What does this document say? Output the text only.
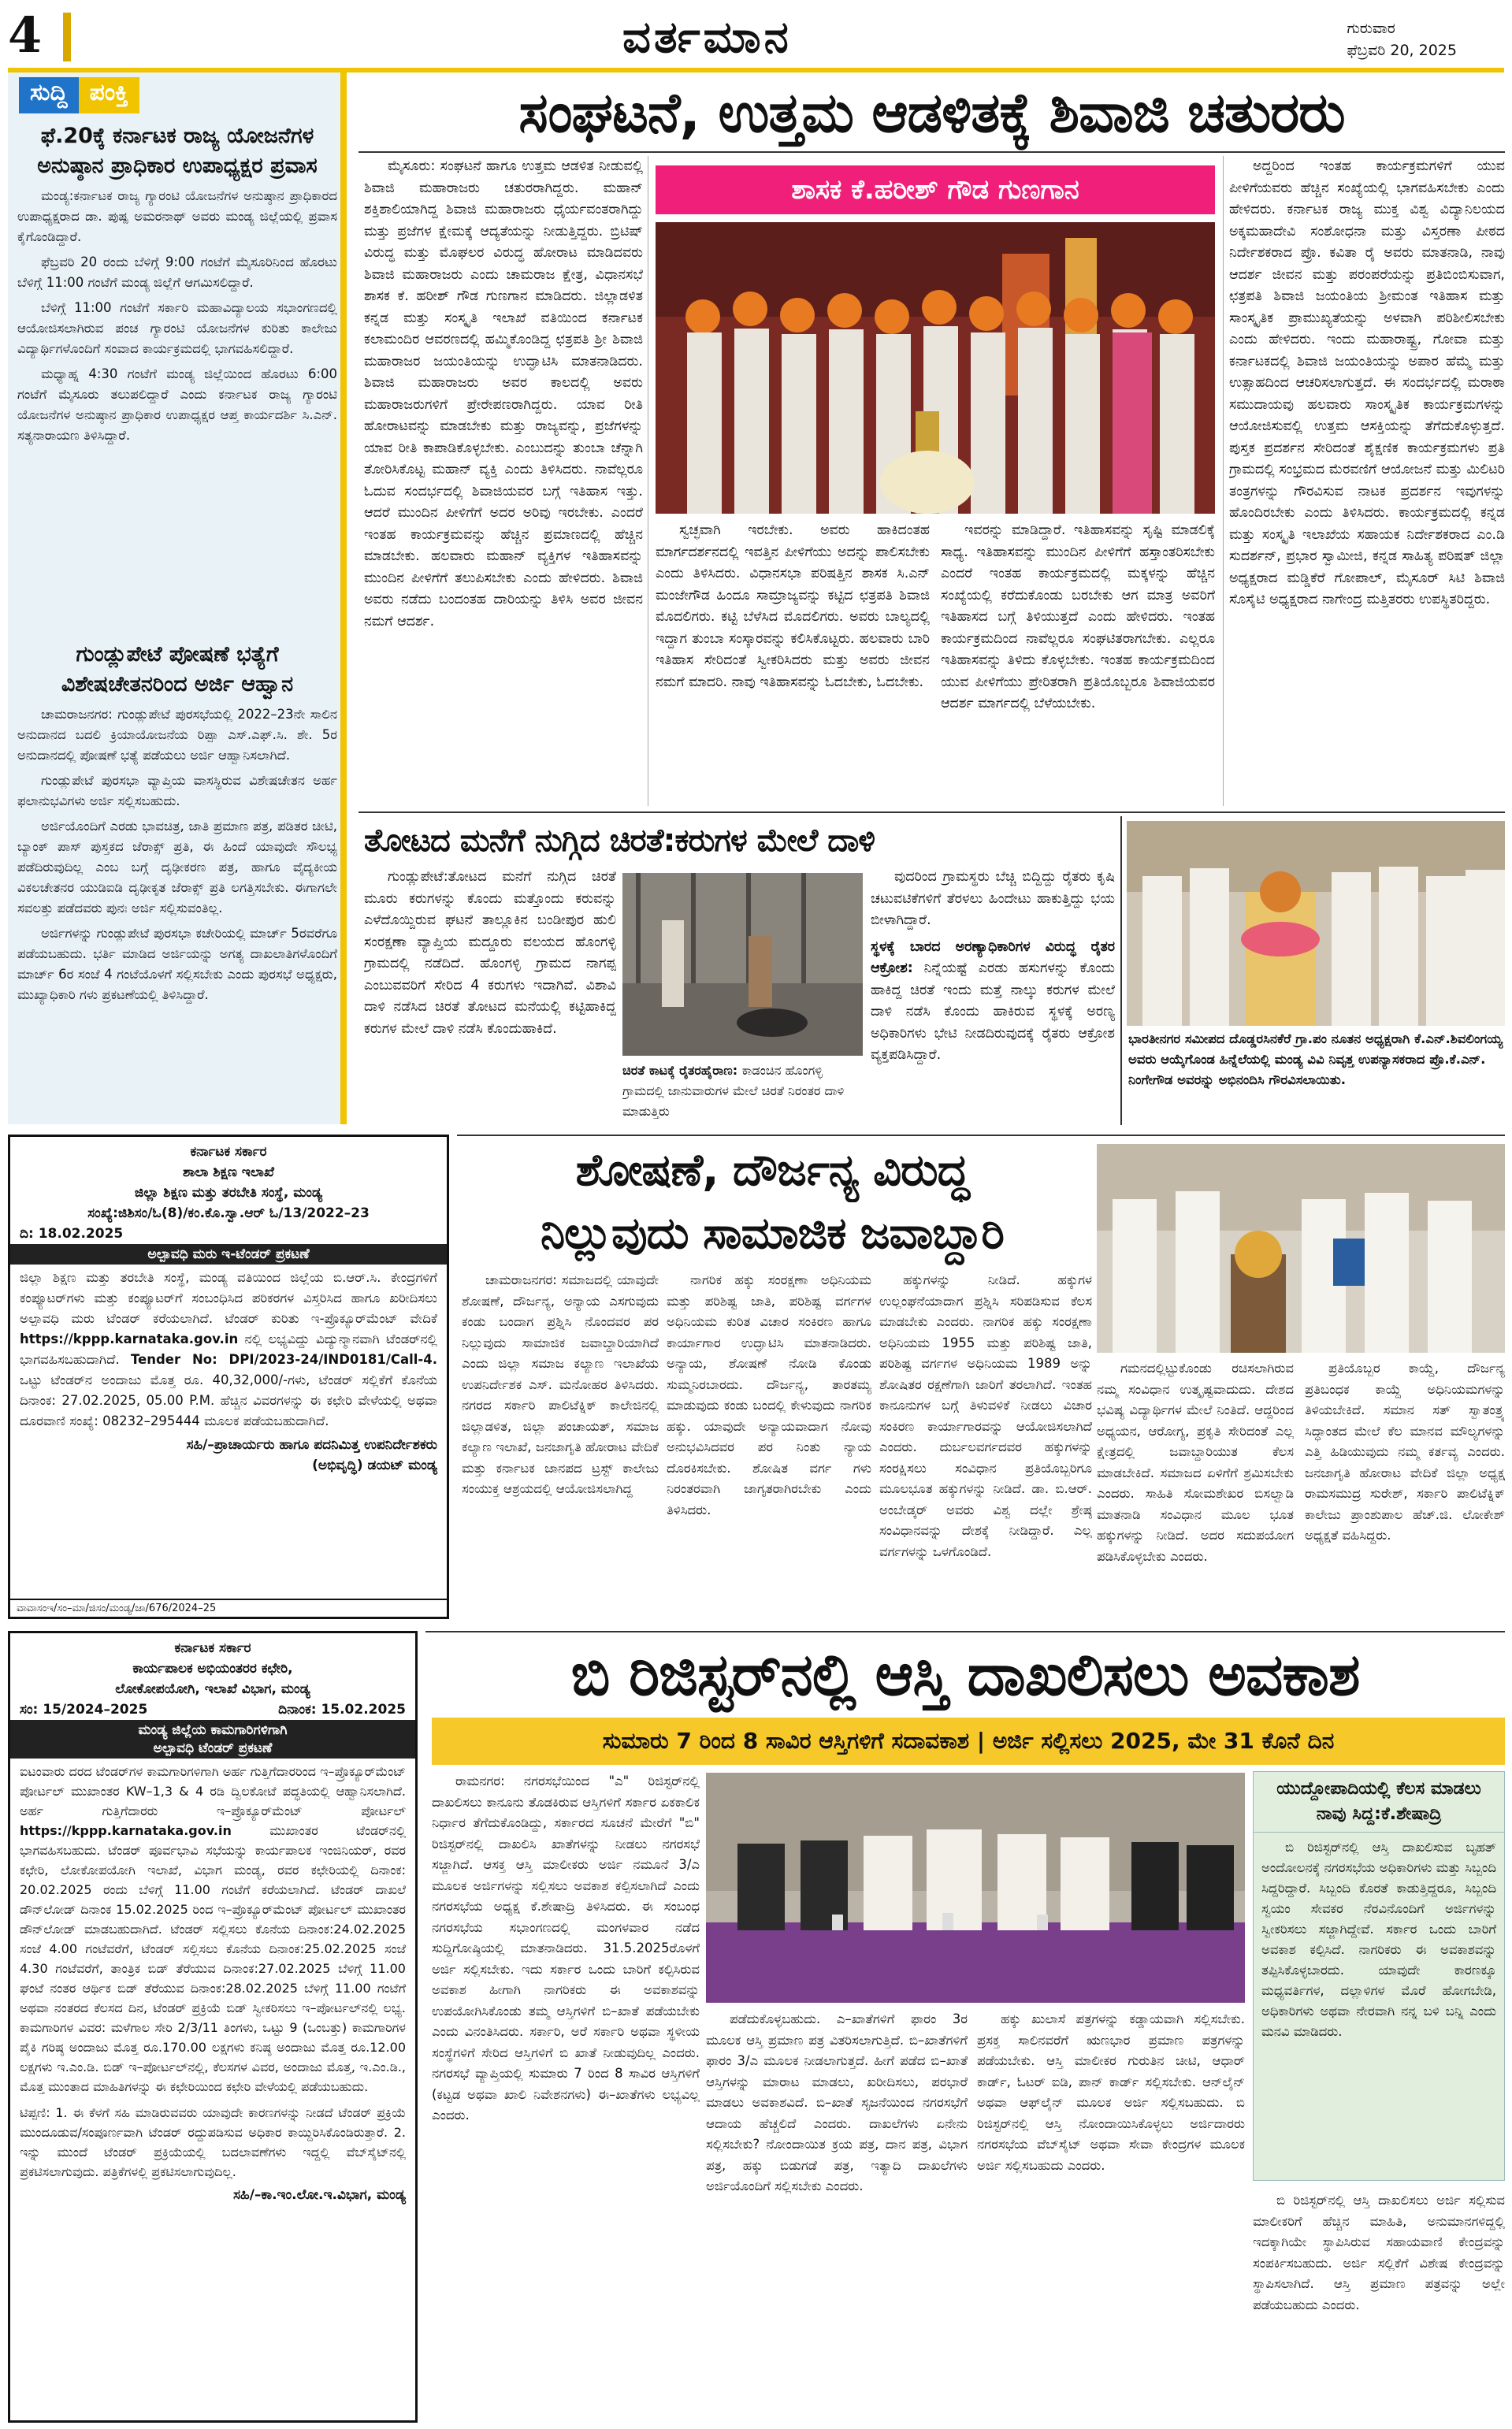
4	ವರ್ತಮಾನ	ಗುರುವಾರ
ಫೆಬ್ರವರಿ 20, 2025
ಸುದ್ದಿ ಪಂಕ್ತಿ
ಫೆ.20ಕ್ಕೆ ಕರ್ನಾಟಕ ರಾಜ್ಯ ಯೋಜನೆಗಳ ಅನುಷ್ಠಾನ ಪ್ರಾಧಿಕಾರ ಉಪಾಧ್ಯಕ್ಷರ ಪ್ರವಾಸ

ಮಂಡ್ಯ:ಕರ್ನಾಟಕ ರಾಜ್ಯ ಗ್ಯಾರಂಟಿ ಯೋಜನೆಗಳ ಅನುಷ್ಠಾನ ಪ್ರಾಧಿಕಾರದ ಉಪಾಧ್ಯಕ್ಷರಾದ ಡಾ. ಪುಷ್ಪ ಅಮರನಾಥ್ ಅವರು ಮಂಡ್ಯ ಜಿಲ್ಲೆಯಲ್ಲಿ ಪ್ರವಾಸ ಕೈಗೊಂಡಿದ್ದಾರೆ.

ಫೆಬ್ರವರಿ 20 ರಂದು ಬೆಳಿಗ್ಗೆ 9:00 ಗಂಟೆಗೆ ಮೈಸೂರಿನಿಂದ ಹೊರಟು ಬೆಳಿಗ್ಗೆ 11:00 ಗಂಟೆಗೆ ಮಂಡ್ಯ ಜಿಲ್ಲೆಗೆ ಆಗಮಿಸಲಿದ್ದಾರೆ.

ಬೆಳಿಗ್ಗೆ 11:00 ಗಂಟೆಗೆ ಸರ್ಕಾರಿ ಮಹಾವಿದ್ಯಾಲಯ ಸಭಾಂಗಣದಲ್ಲಿ ಆಯೋಜಿಸಲಾಗಿರುವ ಪಂಚ ಗ್ಯಾರಂಟಿ ಯೋಜನೆಗಳ ಕುರಿತು ಕಾಲೇಜು ವಿದ್ಯಾರ್ಥಿಗಳೊಂದಿಗೆ ಸಂವಾದ ಕಾರ್ಯಕ್ರಮದಲ್ಲಿ ಭಾಗವಹಿಸಲಿದ್ದಾರೆ.

ಮಧ್ಯಾಹ್ನ 4:30 ಗಂಟೆಗೆ ಮಂಡ್ಯ ಜಿಲ್ಲೆಯಿಂದ ಹೊರಟು 6:00 ಗಂಟೆಗೆ ಮೈಸೂರು ತಲುಪಲಿದ್ದಾರೆ ಎಂದು ಕರ್ನಾಟಕ ರಾಜ್ಯ ಗ್ಯಾರಂಟಿ ಯೋಜನೆಗಳ ಅನುಷ್ಠಾನ ಪ್ರಾಧಿಕಾರ ಉಪಾಧ್ಯಕ್ಷರ ಆಪ್ತ ಕಾರ್ಯದರ್ಶಿ ಸಿ.ಎನ್. ಸತ್ಯನಾರಾಯಣ ತಿಳಿಸಿದ್ದಾರೆ.

ಗುಂಡ್ಲುಪೇಟೆ ಪೋಷಣೆ ಭತ್ಯೆಗೆ ವಿಶೇಷಚೇತನರಿಂದ ಅರ್ಜಿ ಆಹ್ವಾನ

ಚಾಮರಾಜನಗರ: ಗುಂಡ್ಲುಪೇಟೆ ಪುರಸಭೆಯಲ್ಲಿ 2022–23ನೇ ಸಾಲಿನ ಅನುದಾನದ ಬದಲಿ ಕ್ರಿಯಾಯೋಜನೆಯ ರಿಪ್ಪಾ ಎಸ್.ಎಫ್.ಸಿ. ಶೇ. 5ರ ಅನುದಾನದಲ್ಲಿ ಪೋಷಣೆ ಭತ್ಯೆ ಪಡೆಯಲು ಅರ್ಜಿ ಆಹ್ವಾನಿಸಲಾಗಿದೆ.

ಗುಂಡ್ಲುಪೇಟೆ ಪುರಸಭಾ ವ್ಯಾಪ್ತಿಯ ವಾಸಸ್ಥಿರುವ ವಿಶೇಷಚೇತನ ಅರ್ಹ ಫಲಾನುಭವಿಗಳು ಅರ್ಜಿ ಸಲ್ಲಿಸಬಹುದು.

ಅರ್ಜಿಯೊಂದಿಗೆ ಎರಡು ಭಾವಚಿತ್ರ, ಜಾತಿ ಪ್ರಮಾಣ ಪತ್ರ, ಪಡಿತರ ಚೀಟಿ, ಬ್ಯಾಂಕ್ ಪಾಸ್ ಪುಸ್ತಕದ ಜೆರಾಕ್ಸ್ ಪ್ರತಿ, ಈ ಹಿಂದೆ ಯಾವುದೇ ಸೌಲಭ್ಯ ಪಡೆದಿರುವುದಿಲ್ಲ ಎಂಬ ಬಗ್ಗೆ ದೃಢೀಕರಣ ಪತ್ರ, ಹಾಗೂ ವೈದ್ಯಕೀಯ ವಿಕಲಚೇತನರ ಯುಡಿಐಡಿ ದೃಢೀಕೃತ ಜೆರಾಕ್ಸ್ ಪ್ರತಿ ಲಗತ್ತಿಸಬೇಕು. ಈಗಾಗಲೇ ಸವಲತ್ತು ಪಡೆದವರು ಪುನಃ ಅರ್ಜಿ ಸಲ್ಲಿಸುವಂತಿಲ್ಲ.

ಅರ್ಜಿಗಳನ್ನು ಗುಂಡ್ಲುಪೇಟೆ ಪುರಸಭಾ ಕಚೇರಿಯಲ್ಲಿ ಮಾರ್ಚ್ 5ರವರೆಗೂ ಪಡೆಯಬಹುದು. ಭರ್ತಿ ಮಾಡಿದ ಅರ್ಜಿಯನ್ನು ಅಗತ್ಯ ದಾಖಲಾತಿಗಳೊಂದಿಗೆ ಮಾರ್ಚ್ 6ರ ಸಂಜೆ 4 ಗಂಟೆಯೊಳಗೆ ಸಲ್ಲಿಸಬೇಕು ಎಂದು ಪುರಸಭೆ ಅಧ್ಯಕ್ಷರು, ಮುಖ್ಯಾಧಿಕಾರಿ ಗಳು ಪ್ರಕಟಣೆಯಲ್ಲಿ ತಿಳಿಸಿದ್ದಾರೆ.

ಸಂಘಟನೆ, ಉತ್ತಮ ಆಡಳಿತಕ್ಕೆ ಶಿವಾಜಿ ಚತುರರು

ಮೈಸೂರು: ಸಂಘಟನೆ ಹಾಗೂ ಉತ್ತಮ ಆಡಳಿತ ನೀಡುವಲ್ಲಿ ಶಿವಾಜಿ ಮಹಾರಾಜರು ಚತುರರಾಗಿದ್ದರು. ಮಹಾನ್ ಶಕ್ತಿಶಾಲಿಯಾಗಿದ್ದ ಶಿವಾಜಿ ಮಹಾರಾಜರು ಧೈರ್ಯವಂತರಾಗಿದ್ದು ಮತ್ತು ಪ್ರಜೆಗಳ ಕ್ಷೇಮಕ್ಕೆ ಆದ್ಯತೆಯನ್ನು ನೀಡುತ್ತಿದ್ದರು. ಬ್ರಿಟಿಷ್ ವಿರುದ್ಧ ಮತ್ತು ಮೊಘಲರ ವಿರುದ್ಧ ಹೋರಾಟ ಮಾಡಿದವರು ಶಿವಾಜಿ ಮಹಾರಾಜರು ಎಂದು ಚಾಮರಾಜ ಕ್ಷೇತ್ರ, ವಿಧಾನಸಭೆ ಶಾಸಕ ಕೆ. ಹರೀಶ್ ಗೌಡ ಗುಣಗಾನ ಮಾಡಿದರು. ಜಿಲ್ಲಾಡಳಿತ ಕನ್ನಡ ಮತ್ತು ಸಂಸ್ಕೃತಿ ಇಲಾಖೆ ವತಿಯಿಂದ ಕರ್ನಾಟಕ ಕಲಾಮಂದಿರ ಆವರಣದಲ್ಲಿ ಹಮ್ಮಿಕೊಂಡಿದ್ದ ಛತ್ರಪತಿ ಶ್ರೀ ಶಿವಾಜಿ ಮಹಾರಾಜರ ಜಯಂತಿಯನ್ನು ಉದ್ಘಾಟಿಸಿ ಮಾತನಾಡಿದರು. ಶಿವಾಜಿ ಮಹಾರಾಜರು ಅವರ ಕಾಲದಲ್ಲಿ ಅವರು ಮಹಾರಾಜರುಗಳಿಗೆ ಪ್ರೇರೇಪಣರಾಗಿದ್ದರು. ಯಾವ ರೀತಿ ಹೋರಾಟವನ್ನು ಮಾಡಬೇಕು ಮತ್ತು ರಾಜ್ಯವನ್ನು, ಪ್ರಜೆಗಳನ್ನು ಯಾವ ರೀತಿ ಕಾಪಾಡಿಕೊಳ್ಳಬೇಕು. ಎಂಬುದನ್ನು ತುಂಬಾ ಚೆನ್ನಾಗಿ ತೋರಿಸಿಕೊಟ್ಟ ಮಹಾನ್ ವ್ಯಕ್ತಿ ಎಂದು ತಿಳಿಸಿದರು. ನಾವೆಲ್ಲರೂ ಓದುವ ಸಂದರ್ಭದಲ್ಲಿ ಶಿವಾಜಿಯವರ ಬಗ್ಗೆ ಇತಿಹಾಸ ಇತ್ತು. ಆದರೆ ಮುಂದಿನ ಪೀಳಿಗೆಗೆ ಅದರ ಅರಿವು ಇರಬೇಕು. ಎಂದರೆ ಇಂತಹ ಕಾರ್ಯಕ್ರಮವನ್ನು ಹೆಚ್ಚಿನ ಪ್ರಮಾಣದಲ್ಲಿ ಹೆಚ್ಚಿನ ಮಾಡಬೇಕು. ಹಲವಾರು ಮಹಾನ್ ವ್ಯಕ್ತಿಗಳ ಇತಿಹಾಸವನ್ನು ಮುಂದಿನ ಪೀಳಿಗೆಗೆ ತಲುಪಿಸಬೇಕು ಎಂದು ಹೇಳಿದರು. ಶಿವಾಜಿ ಅವರು ನಡೆದು ಬಂದಂತಹ ದಾರಿಯನ್ನು ತಿಳಿಸಿ ಅವರ ಜೀವನ ನಮಗೆ ಆದರ್ಶ.

ಶಾಸಕ ಕೆ.ಹರೀಶ್ ಗೌಡ ಗುಣಗಾನ

ಸ್ವಚ್ಛವಾಗಿ ಇರಬೇಕು. ಅವರು ಹಾಕಿದಂತಹ ಮಾರ್ಗದರ್ಶನದಲ್ಲಿ ಇವತ್ತಿನ ಪೀಳಿಗೆಯು ಅದನ್ನು ಪಾಲಿಸಬೇಕು ಎಂದು ತಿಳಿಸಿದರು. ವಿಧಾನಸಭಾ ಪರಿಷತ್ತಿನ ಶಾಸಕ ಸಿ.ಎನ್ ಮಂಜೇಗೌಡ ಹಿಂದೂ ಸಾಮ್ರಾಜ್ಯವನ್ನು ಕಟ್ಟಿದ ಛತ್ರಪತಿ ಶಿವಾಜಿ ಮೊದಲಿಗರು. ಕಟ್ಟಿ ಬೆಳೆಸಿದ ಮೊದಲಿಗರು. ಅವರು ಬಾಲ್ಯದಲ್ಲಿ ಇದ್ದಾಗ ತುಂಬಾ ಸಂಸ್ಕಾರವನ್ನು ಕಲಿಸಿಕೊಟ್ಟರು. ಹಲವಾರು ಬಾರಿ ಇತಿಹಾಸ ಸೇರಿದಂತೆ ಸ್ವೀಕರಿಸಿದರು ಮತ್ತು ಅವರು ಜೀವನ ನಮಗೆ ಮಾದರಿ. ನಾವು ಇತಿಹಾಸವನ್ನು ಓದಬೇಕು, ಓದಬೇಕು.

ಇವರನ್ನು ಮಾಡಿದ್ದಾರೆ. ಇತಿಹಾಸವನ್ನು ಸೃಷ್ಟಿ ಮಾಡಲಿಕ್ಕೆ ಸಾಧ್ಯ. ಇತಿಹಾಸವನ್ನು ಮುಂದಿನ ಪೀಳಿಗೆಗೆ ಹಸ್ತಾಂತರಿಸಬೇಕು ಎಂದರೆ ಇಂತಹ ಕಾರ್ಯಕ್ರಮದಲ್ಲಿ ಮಕ್ಕಳನ್ನು ಹೆಚ್ಚಿನ ಸಂಖ್ಯೆಯಲ್ಲಿ ಕರೆದುಕೊಂಡು ಬರಬೇಕು ಆಗ ಮಾತ್ರ ಅವರಿಗೆ ಇತಿಹಾಸದ ಬಗ್ಗೆ ತಿಳಿಯುತ್ತದೆ ಎಂದು ಹೇಳಿದರು. ಇಂತಹ ಕಾರ್ಯಕ್ರಮದಿಂದ ನಾವೆಲ್ಲರೂ ಸಂಘಟಿತರಾಗಬೇಕು. ಎಲ್ಲರೂ ಇತಿಹಾಸವನ್ನು ತಿಳಿದು ಕೊಳ್ಳಬೇಕು. ಇಂತಹ ಕಾರ್ಯಕ್ರಮದಿಂದ ಯುವ ಪೀಳಿಗೆಯು ಪ್ರೇರಿತರಾಗಿ ಪ್ರತಿಯೊಬ್ಬರೂ ಶಿವಾಜಿಯವರ ಆದರ್ಶ ಮಾರ್ಗದಲ್ಲಿ ಬೆಳೆಯಬೇಕು.

ಅದ್ದರಿಂದ ಇಂತಹ ಕಾರ್ಯಕ್ರಮಗಳಿಗೆ ಯುವ ಪೀಳಿಗೆಯವರು ಹೆಚ್ಚಿನ ಸಂಖ್ಯೆಯಲ್ಲಿ ಭಾಗವಹಿಸಬೇಕು ಎಂದು ಹೇಳಿದರು. ಕರ್ನಾಟಕ ರಾಜ್ಯ ಮುಕ್ತ ವಿಶ್ವ ವಿದ್ಯಾನಿಲಯದ ಅಕ್ಕಮಹಾದೇವಿ ಸಂಶೋಧನಾ ಮತ್ತು ವಿಸ್ತರಣಾ ಪೀಠದ ನಿರ್ದೇಶಕರಾದ ಪ್ರೊ. ಕವಿತಾ ರೈ ಅವರು ಮಾತನಾಡಿ, ನಾವು ಆದರ್ಶ ಜೀವನ ಮತ್ತು ಪರಂಪರೆಯನ್ನು ಪ್ರತಿಬಿಂಬಿಸುವಾಗ, ಛತ್ರಪತಿ ಶಿವಾಜಿ ಜಯಂತಿಯ ಶ್ರೀಮಂತ ಇತಿಹಾಸ ಮತ್ತು ಸಾಂಸ್ಕೃತಿಕ ಪ್ರಾಮುಖ್ಯತೆಯನ್ನು ಅಳವಾಗಿ ಪರಿಶೀಲಿಸಬೇಕು ಎಂದು ಹೇಳಿದರು. ಇಂದು ಮಹಾರಾಷ್ಟ್ರ, ಗೋವಾ ಮತ್ತು ಕರ್ನಾಟಕದಲ್ಲಿ ಶಿವಾಜಿ ಜಯಂತಿಯನ್ನು ಅಪಾರ ಹೆಮ್ಮೆ ಮತ್ತು ಉತ್ಸಾಹದಿಂದ ಆಚರಿಸಲಾಗುತ್ತದೆ. ಈ ಸಂದರ್ಭದಲ್ಲಿ ಮರಾಠಾ ಸಮುದಾಯವು ಹಲವಾರು ಸಾಂಸ್ಕೃತಿಕ ಕಾರ್ಯಕ್ರಮಗಳನ್ನು ಆಯೋಜಿಸುವಲ್ಲಿ ಉತ್ತಮ ಆಸಕ್ತಿಯನ್ನು ತೆಗೆದುಕೊಳ್ಳುತ್ತದೆ. ಪುಸ್ತಕ ಪ್ರದರ್ಶನ ಸೇರಿದಂತೆ ಶೈಕ್ಷಣಿಕ ಕಾರ್ಯಕ್ರಮಗಳು ಪ್ರತಿ ಗ್ರಾಮದಲ್ಲಿ ಸಂಭ್ರಮದ ಮೆರವಣಿಗೆ ಆಯೋಜನೆ ಮತ್ತು ಮಿಲಿಟರಿ ತಂತ್ರಗಳನ್ನು ಗೌರವಿಸುವ ನಾಟಕ ಪ್ರದರ್ಶನ ಇವುಗಳನ್ನು ಹೊಂದಿರಬೇಕು ಎಂದು ತಿಳಿಸಿದರು. ಕಾರ್ಯಕ್ರಮದಲ್ಲಿ ಕನ್ನಡ ಮತ್ತು ಸಂಸ್ಕೃತಿ ಇಲಾಖೆಯ ಸಹಾಯಕ ನಿರ್ದೇಶಕರಾದ ಎಂ.ಡಿ ಸುದರ್ಶನ್, ಪ್ರಭಾರ ಸ್ವಾಮೀಜಿ, ಕನ್ನಡ ಸಾಹಿತ್ಯ ಪರಿಷತ್ ಜಿಲ್ಲಾ ಅಧ್ಯಕ್ಷರಾದ ಮಡ್ಡಿಕೆರೆ ಗೋಪಾಲ್, ಮೈಸೂರ್ ಸಿಟಿ ಶಿವಾಜಿ ಸೊಸೈಟಿ ಅಧ್ಯಕ್ಷರಾದ ನಾಗೇಂದ್ರ ಮತ್ತಿತರರು ಉಪಸ್ಥಿತರಿದ್ದರು.

ತೋಟದ ಮನೆಗೆ ನುಗ್ಗಿದ ಚಿರತೆ:ಕರುಗಳ ಮೇಲೆ ದಾಳಿ

ಗುಂಡ್ಲುಪೇಟೆ:ತೋಟದ ಮನೆಗೆ ನುಗ್ಗಿದ ಚಿರತೆ ಮೂರು ಕರುಗಳನ್ನು ಕೊಂದು ಮತ್ತೊಂದು ಕರುವನ್ನು ಎಳೆದೊಯ್ದಿರುವ ಘಟನೆ ತಾಲ್ಲೂಕಿನ ಬಂಡೀಪುರ ಹುಲಿ ಸಂರಕ್ಷಣಾ ವ್ಯಾಪ್ತಿಯ ಮದ್ದೂರು ವಲಯದ ಹೊಂಗಳ್ಳಿ ಗ್ರಾಮದಲ್ಲಿ ನಡೆದಿದೆ. ಹೊಂಗಳ್ಳಿ ಗ್ರಾಮದ ನಾಗಪ್ಪ ಎಂಬುವವರಿಗೆ ಸೇರಿದ 4 ಕರುಗಳು ಇದಾಗಿವೆ. ವಿಶಾವಿ ದಾಳಿ ನಡೆಸಿದ ಚಿರತೆ ತೋಟದ ಮನೆಯಲ್ಲಿ ಕಟ್ಟಿಹಾಕಿದ್ದ ಕರುಗಳ ಮೇಲೆ ದಾಳಿ ನಡೆಸಿ ಕೊಂದುಹಾಕಿದೆ.

ಚಿರತೆ ಕಾಟಕ್ಕೆ ರೈತರಹೈರಾಣ: ಕಾಡಂಚಿನ ಹೊಂಗಳ್ಳಿ ಗ್ರಾಮದಲ್ಲಿ ಜಾನುವಾರುಗಳ ಮೇಲೆ ಚಿರತೆ ನಿರಂತರ ದಾಳಿ ಮಾಡುತ್ತಿರು

ವುದರಿಂದ ಗ್ರಾಮಸ್ಥರು ಬೆಚ್ಚಿ ಬಿದ್ದಿದ್ದು ರೈತರು ಕೃಷಿ ಚಟುವಟಿಕೆಗಳಿಗೆ ತೆರಳಲು ಹಿಂದೇಟು ಹಾಕುತ್ತಿದ್ದು ಭಯ ಬೀಳಾಗಿದ್ದಾರೆ.

ಸ್ಥಳಕ್ಕೆ ಬಾರದ ಅರಣ್ಯಾಧಿಕಾರಿಗಳ ವಿರುದ್ಧ ರೈತರ ಆಕ್ರೋಶ: ನಿನ್ನೆಯಷ್ಟೆ ಎರಡು ಹಸುಗಳನ್ನು ಕೊಂದು ಹಾಕಿದ್ದ ಚಿರತೆ ಇಂದು ಮತ್ತೆ ನಾಲ್ಕು ಕರುಗಳ ಮೇಲೆ ದಾಳಿ ನಡೆಸಿ ಕೊಂದು ಹಾಕಿರುವ ಸ್ಥಳಕ್ಕೆ ಅರಣ್ಯ ಅಧಿಕಾರಿಗಳು ಭೇಟಿ ನೀಡದಿರುವುದಕ್ಕೆ ರೈತರು ಆಕ್ರೋಶ ವ್ಯಕ್ತಪಡಿಸಿದ್ದಾರೆ.

ಭಾರತೀನಗರ ಸಮೀಪದ ದೊಡ್ಡರಸಿನಕೆರೆ ಗ್ರಾ.ಪಂ ನೂತನ ಅಧ್ಯಕ್ಷರಾಗಿ ಕೆ.ಎನ್.ಶಿವಲಿಂಗಯ್ಯ ಅವರು ಆಯ್ಕೆಗೊಂಡ ಹಿನ್ನೆಲೆಯಲ್ಲಿ ಮಂಡ್ಯ ವಿವಿ ನಿವೃತ್ತ ಉಪನ್ಯಾಸಕರಾದ ಪ್ರೊ.ಕೆ.ಎನ್. ನಿಂಗೇಗೌಡ ಅವರನ್ನು ಅಭಿನಂದಿಸಿ ಗೌರವಿಸಲಾಯಿತು.
ಕರ್ನಾಟಕ ಸರ್ಕಾರ
ಶಾಲಾ ಶಿಕ್ಷಣ ಇಲಾಖೆ
ಜಿಲ್ಲಾ ಶಿಕ್ಷಣ ಮತ್ತು ತರಬೇತಿ ಸಂಸ್ಥೆ, ಮಂಡ್ಯ
ಸಂಖ್ಯೆ:ಜಿಶಿಸಂ/ಓ(8)/ಕಂ.ಕೊ.ಸ್ವಾ.ಆರ್ ಓ/13/2022–23
ದಿ: 18.02.2025
ಅಲ್ಪಾವಧಿ ಮರು ಇ-ಟೆಂಡರ್ ಪ್ರಕಟಣೆ
ಜಿಲ್ಲಾ ಶಿಕ್ಷಣ ಮತ್ತು ತರಬೇತಿ ಸಂಸ್ಥೆ, ಮಂಡ್ಯ ವತಿಯಿಂದ ಜಿಲ್ಲೆಯ ಬಿ.ಆರ್.ಸಿ. ಕೇಂದ್ರಗಳಿಗೆ ಕಂಪ್ಯೂಟರ್‌ಗಳು ಮತ್ತು ಕಂಪ್ಯೂಟರ್‌ಗೆ ಸಂಬಂಧಿಸಿದ ಪರಿಕರಗಳ ವಿಸ್ತರಿಸಿದ ಹಾಗೂ ಖರೀದಿಸಲು ಅಲ್ಪಾವಧಿ ಮರು ಟೆಂಡರ್ ಕರೆಯಲಾಗಿದೆ. ಟೆಂಡರ್ ಕುರಿತು ಇ-ಪ್ರೊಕ್ಯೂರ್‌ಮೆಂಟ್ ವೇದಿಕೆ https://kppp.karnataka.gov.in ನಲ್ಲಿ ಲಭ್ಯವಿದ್ದು ವಿದ್ಯುನ್ಮಾನವಾಗಿ ಟೆಂಡರ್‌ನಲ್ಲಿ ಭಾಗವಹಿಸಬಹುದಾಗಿದೆ. Tender No: DPI/2023-24/IND0181/Call-4. ಒಟ್ಟು ಟೆಂಡರ್‌ನ ಅಂದಾಜು ಮೊತ್ತ ರೂ. 40,32,000/-ಗಳು, ಟೆಂಡರ್ ಸಲ್ಲಿಕೆಗೆ ಕೊನೆಯ ದಿನಾಂಕ: 27.02.2025, 05.00 P.M. ಹೆಚ್ಚಿನ ವಿವರಗಳನ್ನು ಈ ಕಛೇರಿ ವೇಳೆಯಲ್ಲಿ ಅಥವಾ ದೂರವಾಣಿ ಸಂಖ್ಯೆ: 08232–295444 ಮೂಲಕ ಪಡೆಯಬಹುದಾಗಿದೆ.
ಸಹಿ/–ಪ್ರಾಚಾರ್ಯರು ಹಾಗೂ ಪದನಿಮಿತ್ತ ಉಪನಿರ್ದೇಶಕರು
(ಅಭಿವೃದ್ಧಿ) ಡಯಟ್ ಮಂಡ್ಯ
ವಾವಾಸಂಇ/ಸಂ–ಮಾ/ಜಿಸಂ/ಮಂಡ್ಯ/ಜಾ/676/2024–25
ಶೋಷಣೆ, ದೌರ್ಜನ್ಯ ವಿರುದ್ಧ
ನಿಲ್ಲುವುದು ಸಾಮಾಜಿಕ ಜವಾಬ್ದಾರಿ

ಚಾಮರಾಜನಗರ: ಸಮಾಜದಲ್ಲಿ ಯಾವುದೇ ಶೋಷಣೆ, ದೌರ್ಜನ್ಯ, ಅನ್ಯಾಯ ಎಸಗುವುದು ಕಂಡು ಬಂದಾಗ ಪ್ರಶ್ನಿಸಿ ನೊಂದವರ ಪರ ನಿಲ್ಲುವುದು ಸಾಮಾಜಿಕ ಜವಾಬ್ದಾರಿಯಾಗಿದೆ ಎಂದು ಜಿಲ್ಲಾ ಸಮಾಜ ಕಲ್ಯಾಣ ಇಲಾಖೆಯ ಉಪನಿರ್ದೇಶಕ ಎಸ್. ಮನೋಹರ ತಿಳಿಸಿದರು. ನಗರದ ಸರ್ಕಾರಿ ಪಾಲಿಟೆಕ್ನಿಕ್ ಕಾಲೇಜಿನಲ್ಲಿ ಜಿಲ್ಲಾಡಳಿತ, ಜಿಲ್ಲಾ ಪಂಚಾಯತ್, ಸಮಾಜ ಕಲ್ಯಾಣ ಇಲಾಖೆ, ಜನಜಾಗೃತಿ ಹೋರಾಟ ವೇದಿಕೆ ಮತ್ತು ಕರ್ನಾಟಕ ಜಾನಪದ ಟ್ರಸ್ಟ್ ಕಾಲೇಜು ಸಂಯುಕ್ತ ಆಶ್ರಯದಲ್ಲಿ ಆಯೋಜಿಸಲಾಗಿದ್ದ

ನಾಗರಿಕ ಹಕ್ಕು ಸಂರಕ್ಷಣಾ ಅಧಿನಿಯಮ ಮತ್ತು ಪರಿಶಿಷ್ಟ ಜಾತಿ, ಪರಿಶಿಷ್ಟ ವರ್ಗಗಳ ಅಧಿನಿಯಮ ಕುರಿತ ವಿಚಾರ ಸಂಕಿರಣ ಹಾಗೂ ಕಾರ್ಯಾಗಾರ ಉದ್ಘಾಟಿಸಿ ಮಾತನಾಡಿದರು. ಅನ್ಯಾಯ, ಶೋಷಣೆ ನೋಡಿ ಕೊಂಡು ಸುಮ್ಮನಿರಬಾರದು. ದೌರ್ಜನ್ಯ, ತಾರತಮ್ಯ ಮಾಡುವುದು ಕಂಡು ಬಂದಲ್ಲಿ ಕೇಳುವುದು ನಾಗರಿಕ ಹಕ್ಕು. ಯಾವುದೇ ಅನ್ಯಾಯವಾದಾಗ ನೋವು ಅನುಭವಿಸಿದವರ ಪರ ನಿಂತು ನ್ಯಾಯ ದೊರಕಿಸಬೇಕು. ಶೋಷಿತ ವರ್ಗ ಗಳು ನಿರಂತರವಾಗಿ ಜಾಗೃತರಾಗಿರಬೇಕು ಎಂದು ತಿಳಿಸಿದರು.

ಹಕ್ಕುಗಳನ್ನು ನೀಡಿದೆ. ಹಕ್ಕುಗಳ ಉಲ್ಲಂಘನೆಯಾದಾಗ ಪ್ರಶ್ನಿಸಿ ಸರಿಪಡಿಸುವ ಕೆಲಸ ಮಾಡಬೇಕು ಎಂದರು. ನಾಗರಿಕ ಹಕ್ಕು ಸಂರಕ್ಷಣಾ ಅಧಿನಿಯಮ 1955 ಮತ್ತು ಪರಿಶಿಷ್ಟ ಜಾತಿ, ಪರಿಶಿಷ್ಟ ವರ್ಗಗಳ ಅಧಿನಿಯಮ 1989 ಅನ್ನು ಶೋಷಿತರ ರಕ್ಷಣೆಗಾಗಿ ಜಾರಿಗೆ ತರಲಾಗಿದೆ. ಇಂತಹ ಕಾನೂನುಗಳ ಬಗ್ಗೆ ತಿಳುವಳಿಕೆ ನೀಡಲು ವಿಚಾರ ಸಂಕಿರಣ ಕಾರ್ಯಾಗಾರವನ್ನು ಆಯೋಜಿಸಲಾಗಿದೆ ಎಂದರು. ದುರ್ಬಲವರ್ಗದವರ ಹಕ್ಕುಗಳನ್ನು ಸಂರಕ್ಷಿಸಲು ಸಂವಿಧಾನ ಪ್ರತಿಯೊಬ್ಬರಿಗೂ ಮೂಲಭೂತ ಹಕ್ಕುಗಳನ್ನು ನೀಡಿದೆ. ಡಾ. ಬಿ.ಆರ್. ಅಂಬೇಡ್ಕರ್ ಅವರು ವಿಶ್ವ ದಲ್ಲೇ ಶ್ರೇಷ್ಠ ಸಂವಿಧಾನವನ್ನು ದೇಶಕ್ಕೆ ನೀಡಿದ್ದಾರೆ. ಎಲ್ಲ ವರ್ಗಗಳನ್ನು ಒಳಗೊಂಡಿದೆ.

ಗಮನದಲ್ಲಿಟ್ಟುಕೊಂಡು ರಚಿಸಲಾಗಿರುವ ನಮ್ಮ ಸಂವಿಧಾನ ಉತ್ಕೃಷ್ಟವಾದುದು. ದೇಶದ ಭವಿಷ್ಯ ವಿದ್ಯಾರ್ಥಿಗಳ ಮೇಲೆ ನಿಂತಿದೆ. ಆದ್ದರಿಂದ ಅಧ್ಯಯನ, ಆರೋಗ್ಯ, ಪ್ರಕೃತಿ ಸೇರಿದಂತೆ ಎಲ್ಲ ಕ್ಷೇತ್ರದಲ್ಲಿ ಜವಾಬ್ದಾರಿಯುತ ಕೆಲಸ ಮಾಡಬೇಕಿದೆ. ಸಮಾಜದ ಏಳಿಗೆಗೆ ಶ್ರಮಿಸಬೇಕು ಎಂದರು. ಸಾಹಿತಿ ಸೋಮಶೇಖರ ಬಿಸಲ್ವಾಡಿ ಮಾತನಾಡಿ ಸಂವಿಧಾನ ಮೂಲ ಭೂತ ಹಕ್ಕುಗಳನ್ನು ನೀಡಿದೆ. ಅದರ ಸದುಪಯೋಗ ಪಡಿಸಿಕೊಳ್ಳಬೇಕು ಎಂದರು.

ಪ್ರತಿಯೊಬ್ಬರ ಕಾಯ್ದೆ, ದೌರ್ಜನ್ಯ ಪ್ರತಿಬಂಧಕ ಕಾಯ್ದೆ ಅಧಿನಿಯಮಗಳನ್ನು ತಿಳಿಯಬೇಕಿದೆ. ಸಮಾನ ಸತ್ ಸ್ವಾತಂತ್ರ್ಯ ಸಿದ್ಧಾಂತದ ಮೇಲೆ ಕೆಲ ಮಾನವ ಮೌಲ್ಯಗಳನ್ನು ಎತ್ತಿ ಹಿಡಿಯುವುದು ನಮ್ಮ ಕರ್ತವ್ಯ ಎಂದರು. ಜನಜಾಗೃತಿ ಹೋರಾಟ ವೇದಿಕೆ ಜಿಲ್ಲಾ ಅಧ್ಯಕ್ಷ ರಾಮಸಮುದ್ರ ಸುರೇಶ್, ಸರ್ಕಾರಿ ಪಾಲಿಟೆಕ್ನಿಕ್ ಕಾಲೇಜು ಪ್ರಾಂಶುಪಾಲ ಹೆಚ್.ಜಿ. ಲೋಕೇಶ್ ಅಧ್ಯಕ್ಷತೆ ವಹಿಸಿದ್ದರು.

ಕರ್ನಾಟಕ ಸರ್ಕಾರ
ಕಾರ್ಯಪಾಲಕ ಅಭಿಯಂತರರ ಕಛೇರಿ,
ಲೋಕೋಪಯೋಗಿ, ಇಲಾಖೆ ವಿಭಾಗ, ಮಂಡ್ಯ
ಸಂ: 15/2024–2025	ದಿನಾಂಕ: 15.02.2025
ಮಂಡ್ಯ ಜಿಲ್ಲೆಯ ಕಾಮಗಾರಿಗಳಿಗಾಗಿ
ಅಲ್ಪಾವಧಿ ಟೆಂಡರ್ ಪ್ರಕಟಣೆ
ಐಟಂವಾರು ದರದ ಟೆಂಡರ್‌ಗಳ ಕಾಮಗಾರಿಗಳಿಗಾಗಿ ಅರ್ಹ ಗುತ್ತಿಗೆದಾರರಿಂದ ಇ–ಪ್ರೊಕ್ಯೂರ್‌ಮೆಂಟ್ ಪೋರ್ಟಲ್ ಮುಖಾಂತರ KW–1,3 & 4 ರಡಿ ದ್ವಿಲಕೋಟೆ ಪದ್ಧತಿಯಲ್ಲಿ ಆಹ್ವಾನಿಸಲಾಗಿದೆ. ಅರ್ಹ ಗುತ್ತಿಗೆದಾರರು ಇ–ಪ್ರೊಕ್ಯೂರ್‌ಮೆಂಟ್ ಪೋರ್ಟಲ್ https://kppp.karnataka.gov.in	ಮುಖಾಂತರ ಟೆಂಡರ್‌ನಲ್ಲಿ ಭಾಗವಹಿಸಬಹುದು. ಟೆಂಡರ್ ಪೂರ್ವಭಾವಿ ಸಭೆಯನ್ನು ಕಾರ್ಯಪಾಲಕ ಇಂಜಿನಿಯರ್, ರವರ ಕಛೇರಿ, ಲೋಕೋಪಯೋಗಿ ಇಲಾಖೆ, ವಿಭಾಗ ಮಂಡ್ಯ, ರವರ ಕಛೇರಿಯಲ್ಲಿ ದಿನಾಂಕ: 20.02.2025 ರಂದು ಬೆಳಿಗ್ಗೆ 11.00 ಗಂಟೆಗೆ ಕರೆಯಲಾಗಿದೆ. ಟೆಂಡರ್ ದಾಖಲೆ ಡೌನ್‌ಲೋಡ್ ದಿನಾಂಕ 15.02.2025 ರಿಂದ ಇ–ಪ್ರೊಕ್ಯೂರ್‌ಮೆಂಟ್ ಪೋರ್ಟಲ್ ಮುಖಾಂತರ ಡೌನ್‌ಲೋಡ್ ಮಾಡಬಹುದಾಗಿದೆ. ಟೆಂಡರ್ ಸಲ್ಲಿಸಲು ಕೊನೆಯ ದಿನಾಂಕ:24.02.2025 ಸಂಜೆ 4.00 ಗಂಟೆವರೆಗೆ, ಟೆಂಡರ್ ಸಲ್ಲಿಸಲು ಕೊನೆಯ ದಿನಾಂಕ:25.02.2025 ಸಂಜೆ 4.30 ಗಂಟೆವರೆಗೆ, ತಾಂತ್ರಿಕ ಬಿಡ್ ತೆರೆಯುವ ದಿನಾಂಕ:27.02.2025 ಬೆಳಿಗ್ಗೆ 11.00 ಘಂಟೆ ನಂತರ ಆರ್ಥಿಕ ಬಿಡ್ ತೆರೆಯುವ ದಿನಾಂಕ:28.02.2025 ಬೆಳಿಗ್ಗೆ 11.00 ಗಂಟೆಗೆ ಅಥವಾ ನಂತರದ ಕೆಲಸದ ದಿನ, ಟೆಂಡರ್ ಪ್ರಕ್ರಿಯೆ ಬಿಡ್ ಸ್ವೀಕರಿಸಲು ಇ–ಪೋರ್ಟಲ್‌ನಲ್ಲಿ ಲಭ್ಯ. ಕಾಮಗಾರಿಗಳ ವಿವರ: ಮಳೆಗಾಲ ಸೇರಿ 2/3/11 ತಿಂಗಳು, ಒಟ್ಟು 9 (ಒಂಬತ್ತು) ಕಾಮಗಾರಿಗಳ ಪೈಕಿ ಗರಿಷ್ಠ ಅಂದಾಜು ಮೊತ್ತ ರೂ.170.00 ಲಕ್ಷಗಳು ಕನಿಷ್ಠ ಅಂದಾಜು ಮೊತ್ತ ರೂ.12.00 ಲಕ್ಷಗಳು ಇ.ಎಂ.ಡಿ. ಬಿಡ್ ಇ–ಪೋರ್ಟಲ್‌ನಲ್ಲಿ, ಕೆಲಸಗಳ ವಿವರ, ಅಂದಾಜು ಮೊತ್ತ, ಇ.ಎಂ.ಡಿ., ಮೊತ್ತ ಮುಂತಾದ ಮಾಹಿತಿಗಳನ್ನು ಈ ಕಛೇರಿಯಿಂದ ಕಛೇರಿ ವೇಳೆಯಲ್ಲಿ ಪಡೆಯಬಹುದು.
ಟಿಪ್ಪಣಿ: 1. ಈ ಕೆಳಗೆ ಸಹಿ ಮಾಡಿರುವವರು ಯಾವುದೇ ಕಾರಣಗಳನ್ನು ನೀಡದೆ ಟೆಂಡರ್ ಪ್ರಕ್ರಿಯೆ ಮುಂದೂಡುವ/ಸಂಪೂರ್ಣವಾಗಿ ಟೆಂಡರ್ ರದ್ದುಪಡಿಸುವ ಅಧಿಕಾರ ಕಾಯ್ದಿರಿಸಿಕೊಂಡಿರುತ್ತಾರೆ. 2. ಇನ್ನು ಮುಂದೆ ಟೆಂಡರ್ ಪ್ರಕ್ರಿಯೆಯಲ್ಲಿ ಬದಲಾವಣೆಗಳು ಇದ್ದಲ್ಲಿ ವೆಬ್‌ಸೈಟ್‌ನಲ್ಲಿ ಪ್ರಕಟಿಸಲಾಗುವುದು. ಪತ್ರಿಕೆಗಳಲ್ಲಿ ಪ್ರಕಟಿಸಲಾಗುವುದಿಲ್ಲ.
ಸಹಿ/–ಕಾ.ಇಂ.ಲೋ.ಇ.ವಿಭಾಗ, ಮಂಡ್ಯ
ಬಿ ರಿಜಿಸ್ಟರ್‌ನಲ್ಲಿ ಆಸ್ತಿ ದಾಖಲಿಸಲು ಅವಕಾಶ
ಸುಮಾರು 7 ರಿಂದ 8 ಸಾವಿರ ಆಸ್ತಿಗಳಿಗೆ ಸದಾವಕಾಶ | ಅರ್ಜಿ ಸಲ್ಲಿಸಲು 2025, ಮೇ 31 ಕೊನೆ ದಿನ

ರಾಮನಗರ: ನಗರಸಭೆಯಿಂದ "ಎ" ರಿಜಿಸ್ಟರ್‌ನಲ್ಲಿ ದಾಖಲಿಸಲು ಕಾನೂನು ತೊಡಕಿರುವ ಆಸ್ತಿಗಳಿಗೆ ಸರ್ಕಾರ ಏಕಕಾಲಿಕ ನಿರ್ಧಾರ ತೆಗೆದುಕೊಂಡಿದ್ದು, ಸರ್ಕಾರದ ಸೂಚನೆ ಮೇರೆಗೆ "ಬಿ" ರಿಜಿಸ್ಟರ್‌ನಲ್ಲಿ ದಾಖಲಿಸಿ ಖಾತೆಗಳನ್ನು ನೀಡಲು ನಗರಸಭೆ ಸಜ್ಜಾಗಿದೆ. ಆಸಕ್ತ ಆಸ್ತಿ ಮಾಲೀಕರು ಅರ್ಜಿ ನಮೂನೆ 3/ಎ ಮೂಲಕ ಅರ್ಜಿಗಳನ್ನು ಸಲ್ಲಿಸಲು ಅವಕಾಶ ಕಲ್ಪಿಸಲಾಗಿದೆ ಎಂದು ನಗರಸಭೆಯ ಅಧ್ಯಕ್ಷ ಕೆ.ಶೇಷಾದ್ರಿ ತಿಳಿಸಿದರು. ಈ ಸಂಬಂಧ ನಗರಸಭೆಯ ಸಭಾಂಗಣದಲ್ಲಿ ಮಂಗಳವಾರ ನಡೆದ ಸುದ್ದಿಗೋಷ್ಠಿಯಲ್ಲಿ ಮಾತನಾಡಿದರು. 31.5.2025ರೊಳಗೆ ಅರ್ಜಿ ಸಲ್ಲಿಸಬೇಕು. ಇದು ಸರ್ಕಾರ ಒಂದು ಬಾರಿಗೆ ಕಲ್ಪಿಸಿರುವ ಅವಕಾಶ ಹೀಗಾಗಿ ನಾಗರಿಕರು ಈ ಅವಕಾಶವನ್ನು ಉಪಯೋಗಿಸಿಕೊಂಡು ತಮ್ಮ ಆಸ್ತಿಗಳಿಗೆ ಬಿ–ಖಾತೆ ಪಡೆಯಬೇಕು ಎಂದು ವಿನಂತಿಸಿದರು. ಸರ್ಕಾರಿ, ಅರೆ ಸರ್ಕಾರಿ ಅಥವಾ ಸ್ಥಳೀಯ ಸಂಸ್ಥೆಗಳಿಗೆ ಸೇರಿದ ಆಸ್ತಿಗಳಿಗೆ ಬಿ ಖಾತೆ ನೀಡುವುದಿಲ್ಲ ಎಂದರು. ನಗರಸಭೆ ವ್ಯಾಪ್ತಿಯಲ್ಲಿ ಸುಮಾರು 7 ರಿಂದ 8 ಸಾವಿರ ಆಸ್ತಿಗಳಿಗೆ (ಕಟ್ಟಡ ಅಥವಾ ಖಾಲಿ ನಿವೇಶನಗಳು) ಈ–ಖಾತೆಗಳು ಲಭ್ಯವಿಲ್ಲ ಎಂದರು.

ಪಡೆದುಕೊಳ್ಳಬಹುದು. ಎ–ಖಾತೆಗಳಿಗೆ ಫಾರಂ 3ರ ಮೂಲಕ ಆಸ್ತಿ ಪ್ರಮಾಣ ಪತ್ರ ವಿತರಿಸಲಾಗುತ್ತಿದೆ. ಬಿ–ಖಾತೆಗಳಿಗೆ ಫಾರಂ 3/ಎ ಮೂಲಕ ನೀಡಲಾಗುತ್ತದೆ. ಹೀಗೆ ಪಡೆದ ಬಿ–ಖಾತೆ ಆಸ್ತಿಗಳನ್ನು ಮಾರಾಟ ಮಾಡಲು, ಖರೀದಿಸಲು, ಪರಭಾರೆ ಮಾಡಲು ಅವಕಾಶವಿದೆ. ಬಿ–ಖಾತೆ ಸೃಜನೆಯಿಂದ ನಗರಸಭೆಗೆ ಆದಾಯ ಹೆಚ್ಚಲಿದೆ ಎಂದರು. ದಾಖಲೆಗಳು ಏನೇನು ಸಲ್ಲಿಸಬೇಕು? ನೋಂದಾಯಿತ ಕ್ರಯ ಪತ್ರ, ದಾನ ಪತ್ರ, ವಿಭಾಗ ಪತ್ರ, ಹಕ್ಕು ಬಿಡುಗಡೆ ಪತ್ರ, ಇತ್ಯಾದಿ ದಾಖಲೆಗಳು ಅರ್ಜಿಯೊಂದಿಗೆ ಸಲ್ಲಿಸಬೇಕು ಎಂದರು.

ಹಕ್ಕು ಖುಲಾಸೆ ಪತ್ರಗಳನ್ನು ಕಡ್ಡಾಯವಾಗಿ ಸಲ್ಲಿಸಬೇಕು. ಪ್ರಸಕ್ತ ಸಾಲಿನವರೆಗೆ ಋಣಭಾರ ಪ್ರಮಾಣ ಪತ್ರಗಳನ್ನು ಪಡೆಯಬೇಕು. ಆಸ್ತಿ ಮಾಲೀಕರ ಗುರುತಿನ ಚೀಟಿ, ಆಧಾರ್ ಕಾರ್ಡ್, ಓಟರ್ ಐಡಿ, ಪಾನ್ ಕಾರ್ಡ್ ಸಲ್ಲಿಸಬೇಕು. ಆನ್‌ಲೈನ್ ಅಥವಾ ಆಫ್‌ಲೈನ್ ಮೂಲಕ ಅರ್ಜಿ ಸಲ್ಲಿಸಬಹುದು. ಬಿ ರಿಜಿಸ್ಟರ್‌ನಲ್ಲಿ ಆಸ್ತಿ ನೋಂದಾಯಿಸಿಕೊಳ್ಳಲು ಅರ್ಜಿದಾರರು ನಗರಸಭೆಯ ವೆಬ್‌ಸೈಟ್ ಅಥವಾ ಸೇವಾ ಕೇಂದ್ರಗಳ ಮೂಲಕ ಅರ್ಜಿ ಸಲ್ಲಿಸಬಹುದು ಎಂದರು.

ಯುದ್ದೋಪಾದಿಯಲ್ಲಿ ಕೆಲಸ ಮಾಡಲು ನಾವು ಸಿದ್ದ:ಕೆ.ಶೇಷಾದ್ರಿ

ಬಿ ರಿಜಿಸ್ಟರ್‌ನಲ್ಲಿ ಆಸ್ತಿ ದಾಖಲಿಸುವ ಬೃಹತ್ ಅಂದೋಲನಕ್ಕೆ ನಗರಸಭೆಯ ಅಧಿಕಾರಿಗಳು ಮತ್ತು ಸಿಬ್ಬಂದಿ ಸಿದ್ದರಿದ್ದಾರೆ. ಸಿಬ್ಬಂದಿ ಕೊರತೆ ಕಾಡುತ್ತಿದ್ದರೂ, ಸಿಬ್ಬಂದಿ ಸ್ವಯಂ ಸೇವಕರ ನೆರವಿನೊಂದಿಗೆ ಅರ್ಜಿಗಳನ್ನು ಸ್ವೀಕರಿಸಲು ಸಜ್ಜಾಗಿದ್ದೇವೆ. ಸರ್ಕಾರ ಒಂದು ಬಾರಿಗೆ ಅವಕಾಶ ಕಲ್ಪಿಸಿದೆ. ನಾಗರಿಕರು ಈ ಅವಕಾಶವನ್ನು ತಪ್ಪಿಸಿಕೊಳ್ಳಬಾರದು. ಯಾವುದೇ ಕಾರಣಕ್ಕೂ ಮಧ್ಯವರ್ತಿಗಳ, ದಲ್ಲಾಳಿಗಳ ಮೊರೆ ಹೋಗಬೇಡಿ, ಅಧಿಕಾರಿಗಳು ಅಥವಾ ನೇರವಾಗಿ ನನ್ನ ಬಳಿ ಬನ್ನಿ ಎಂದು ಮನವಿ ಮಾಡಿದರು.

ಬಿ ರಿಜಿಸ್ಟರ್‌ನಲ್ಲಿ ಆಸ್ತಿ ದಾಖಲಿಸಲು ಅರ್ಜಿ ಸಲ್ಲಿಸುವ ಮಾಲೀಕರಿಗೆ ಹೆಚ್ಚಿನ ಮಾಹಿತಿ, ಅನುಮಾನಗಳಿದ್ದಲ್ಲಿ ಇದಕ್ಕಾಗಿಯೇ ಸ್ಥಾಪಿಸಿರುವ ಸಹಾಯವಾಣಿ ಕೇಂದ್ರವನ್ನು ಸಂಪರ್ಕಿಸಬಹುದು. ಅರ್ಜಿ ಸಲ್ಲಿಕೆಗೆ ವಿಶೇಷ ಕೇಂದ್ರವನ್ನು ಸ್ಥಾಪಿಸಲಾಗಿದೆ. ಆಸ್ತಿ ಪ್ರಮಾಣ ಪತ್ರವನ್ನು ಅಲ್ಲೇ ಪಡೆಯಬಹುದು ಎಂದರು.
